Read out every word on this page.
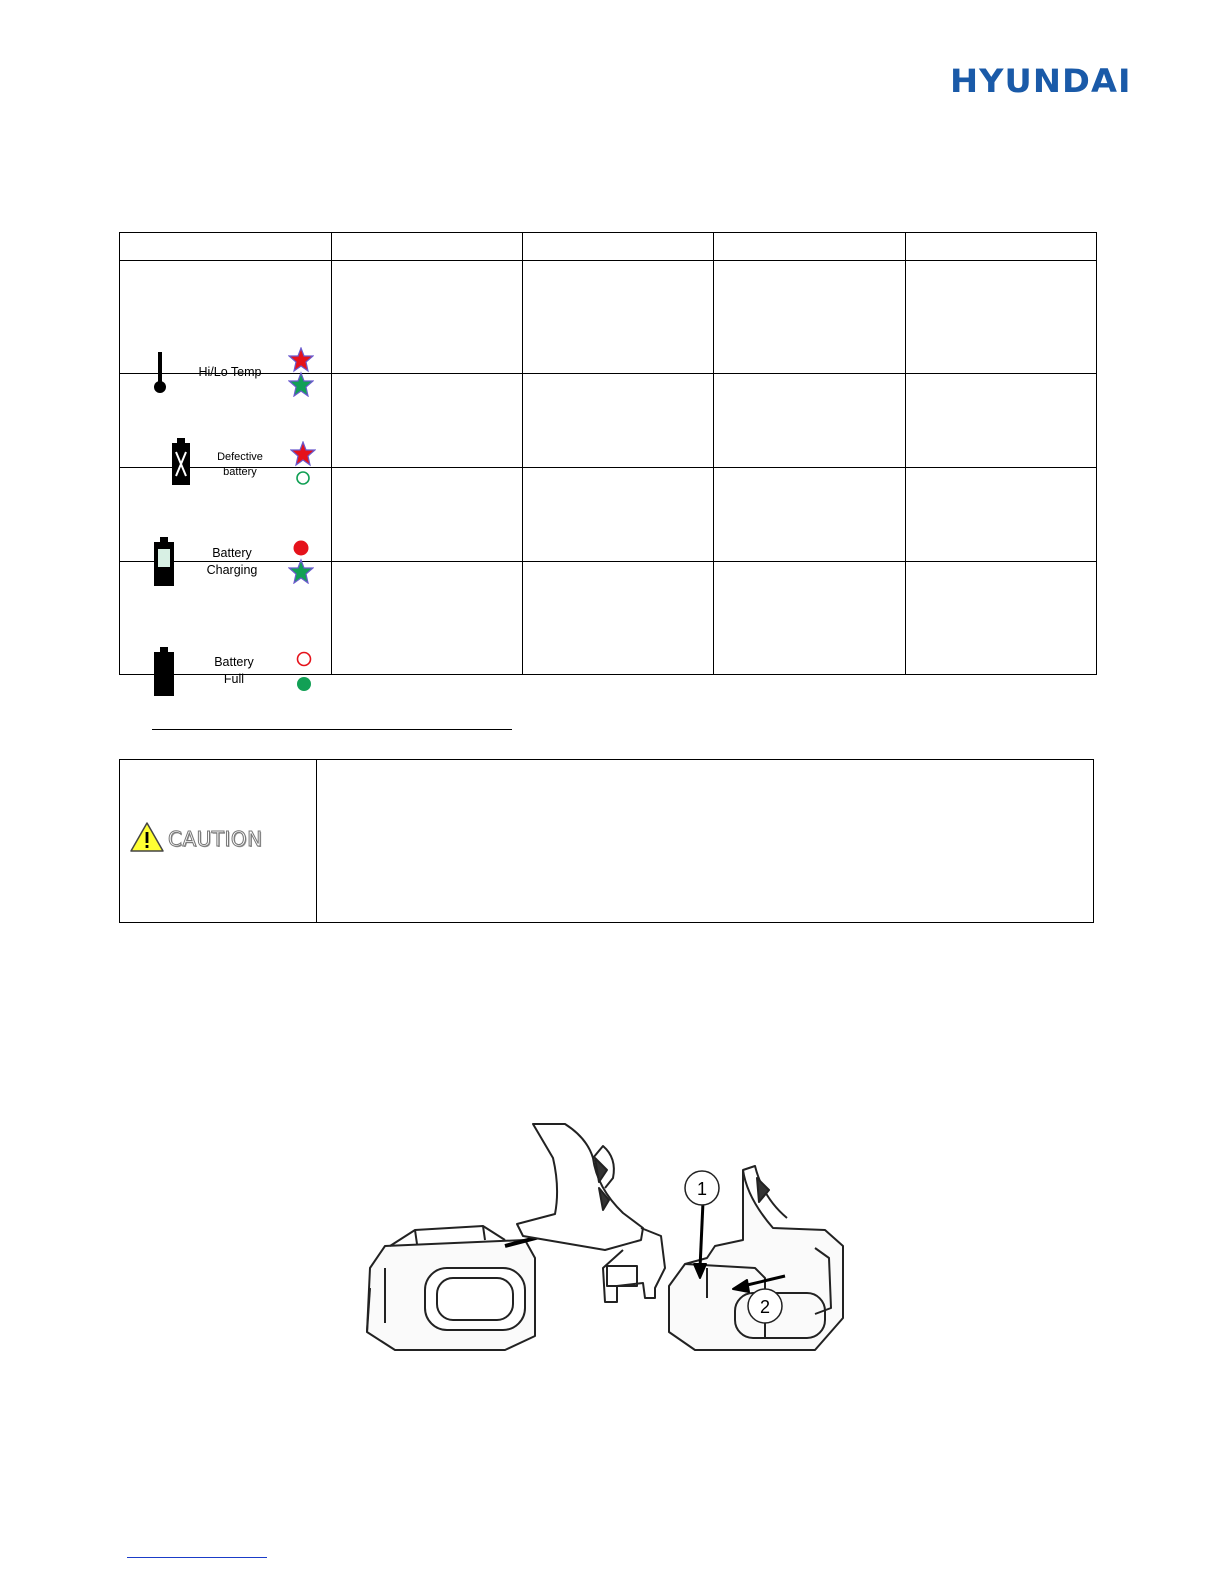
HYUNDAI

Hi/Lo Temp				

Defective
battery				

Battery
Charging				

Battery
Full				

CAUTION

1
2
